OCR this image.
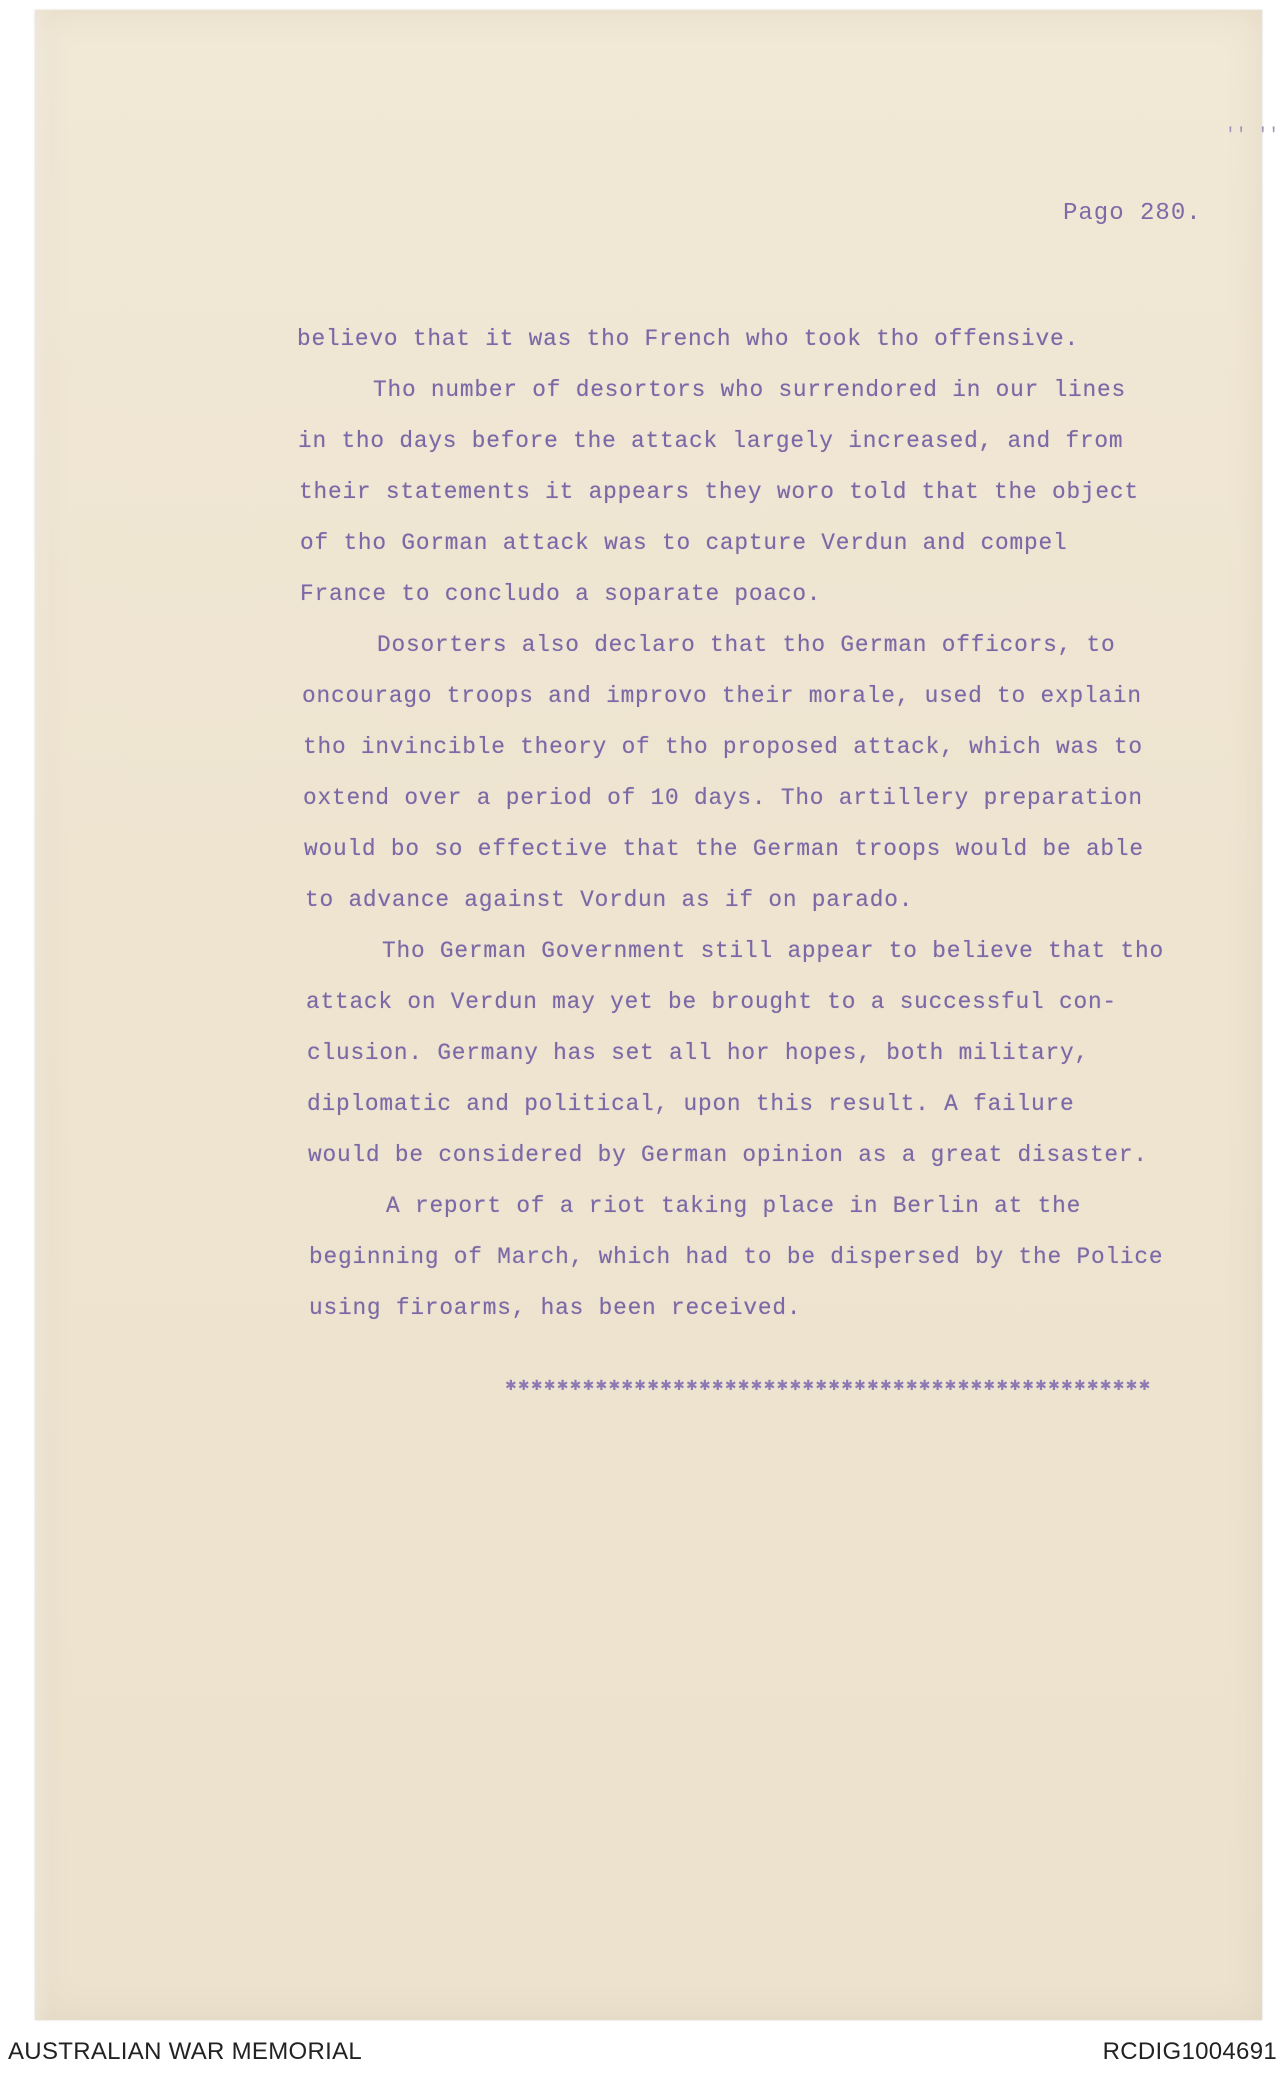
′′ ′′
Pago 280.
believo that it was tho French who took tho offensive.
Tho number of desortors who surrendored in our lines
in tho days before the attack largely increased, and from
their statements it appears they woro told that the object
of tho Gorman attack was to capture Verdun and compel
France to concludo a soparate poaco.
Dosorters also declaro that tho German officors, to
oncourago troops and improvo their morale, used to explain
tho invincible theory of tho proposed attack, which was to
oxtend over a period of 10 days. Tho artillery preparation
would bo so effective that the German troops would be able
to advance against Vordun as if on parado.
Tho German Government still appear to believe that tho
attack on Verdun may yet be brought to a successful con-
clusion. Germany has set all hor hopes, both military,
diplomatic and political, upon this result. A failure
would be considered by German opinion as a great disaster.
A report of a riot taking place in Berlin at the
beginning of March, which had to be dispersed by the Police
using firoarms, has been received.
✱✱✱✱✱✱✱✱✱✱✱✱✱✱✱✱✱✱✱✱✱✱✱✱✱✱✱✱✱✱✱✱✱✱✱✱✱✱✱✱✱✱✱✱✱✱✱✱✱✱
AUSTRALIAN WAR MEMORIAL	RCDIG1004691
